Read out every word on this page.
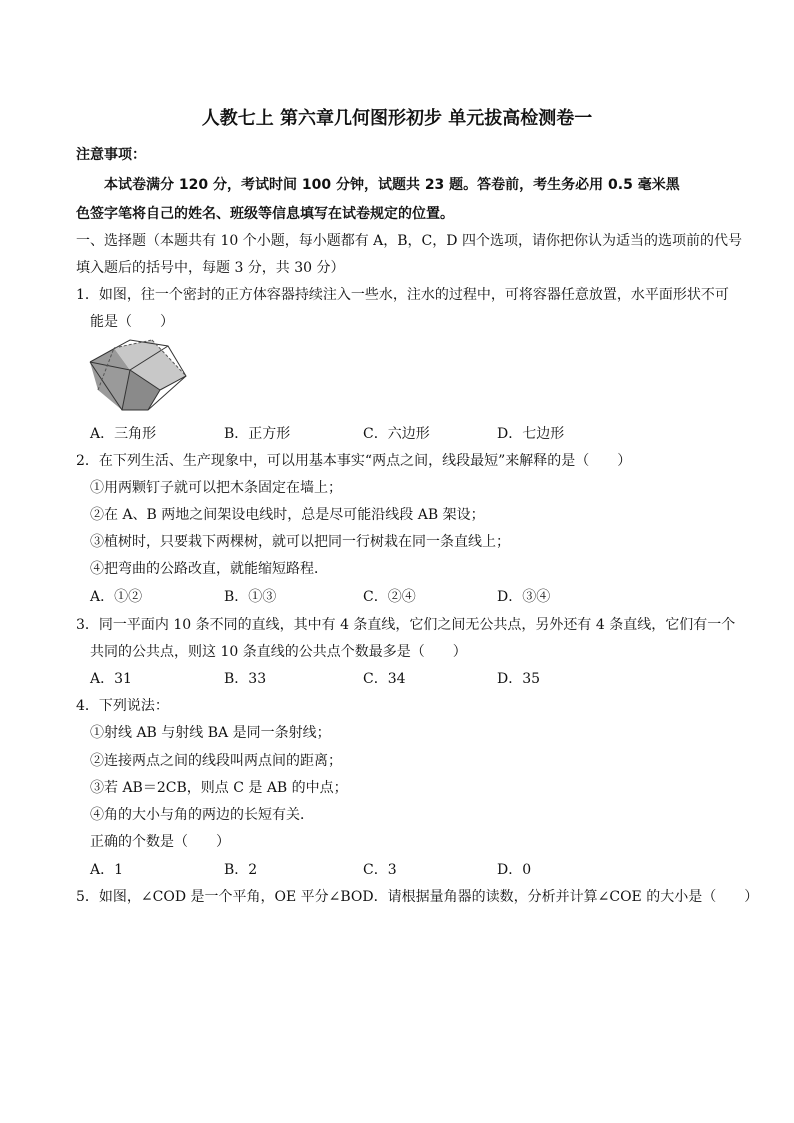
人教七上 第六章几何图形初步 单元拔高检测卷一
注意事项：
本试卷满分 120 分，考试时间 100 分钟，试题共 23 题。答卷前，考生务必用 0.5 毫米黑
色签字笔将自己的姓名、班级等信息填写在试卷规定的位置。
一、选择题（本题共有 10 个小题，每小题都有 A，B，C，D 四个选项，请你把你认为适当的选项前的代号
填入题后的括号中，每题 3 分，共 30 分）
1．如图，往一个密封的正方体容器持续注入一些水，注水的过程中，可将容器任意放置，水平面形状不可
能是（　　）
A．三角形	B．正方形	C．六边形	D．七边形
2．在下列生活、生产现象中，可以用基本事实“两点之间，线段最短”来解释的是（　　）
①用两颗钉子就可以把木条固定在墙上；
②在 A、B 两地之间架设电线时，总是尽可能沿线段 AB 架设；
③植树时，只要栽下两棵树，就可以把同一行树栽在同一条直线上；
④把弯曲的公路改直，就能缩短路程．
A．①②	B．①③	C．②④	D．③④
3．同一平面内 10 条不同的直线，其中有 4 条直线，它们之间无公共点，另外还有 4 条直线，它们有一个
共同的公共点，则这 10 条直线的公共点个数最多是（　　）
A．31	B．33	C．34	D．35
4．下列说法：
①射线 AB 与射线 BA 是同一条射线；
②连接两点之间的线段叫两点间的距离；
③若 AB＝2CB，则点 C 是 AB 的中点；
④角的大小与角的两边的长短有关．
正确的个数是（　　）
A．1	B．2	C．3	D．0
5．如图，∠COD 是一个平角，OE 平分∠BOD．请根据量角器的读数，分析并计算∠COE 的大小是（　　）
